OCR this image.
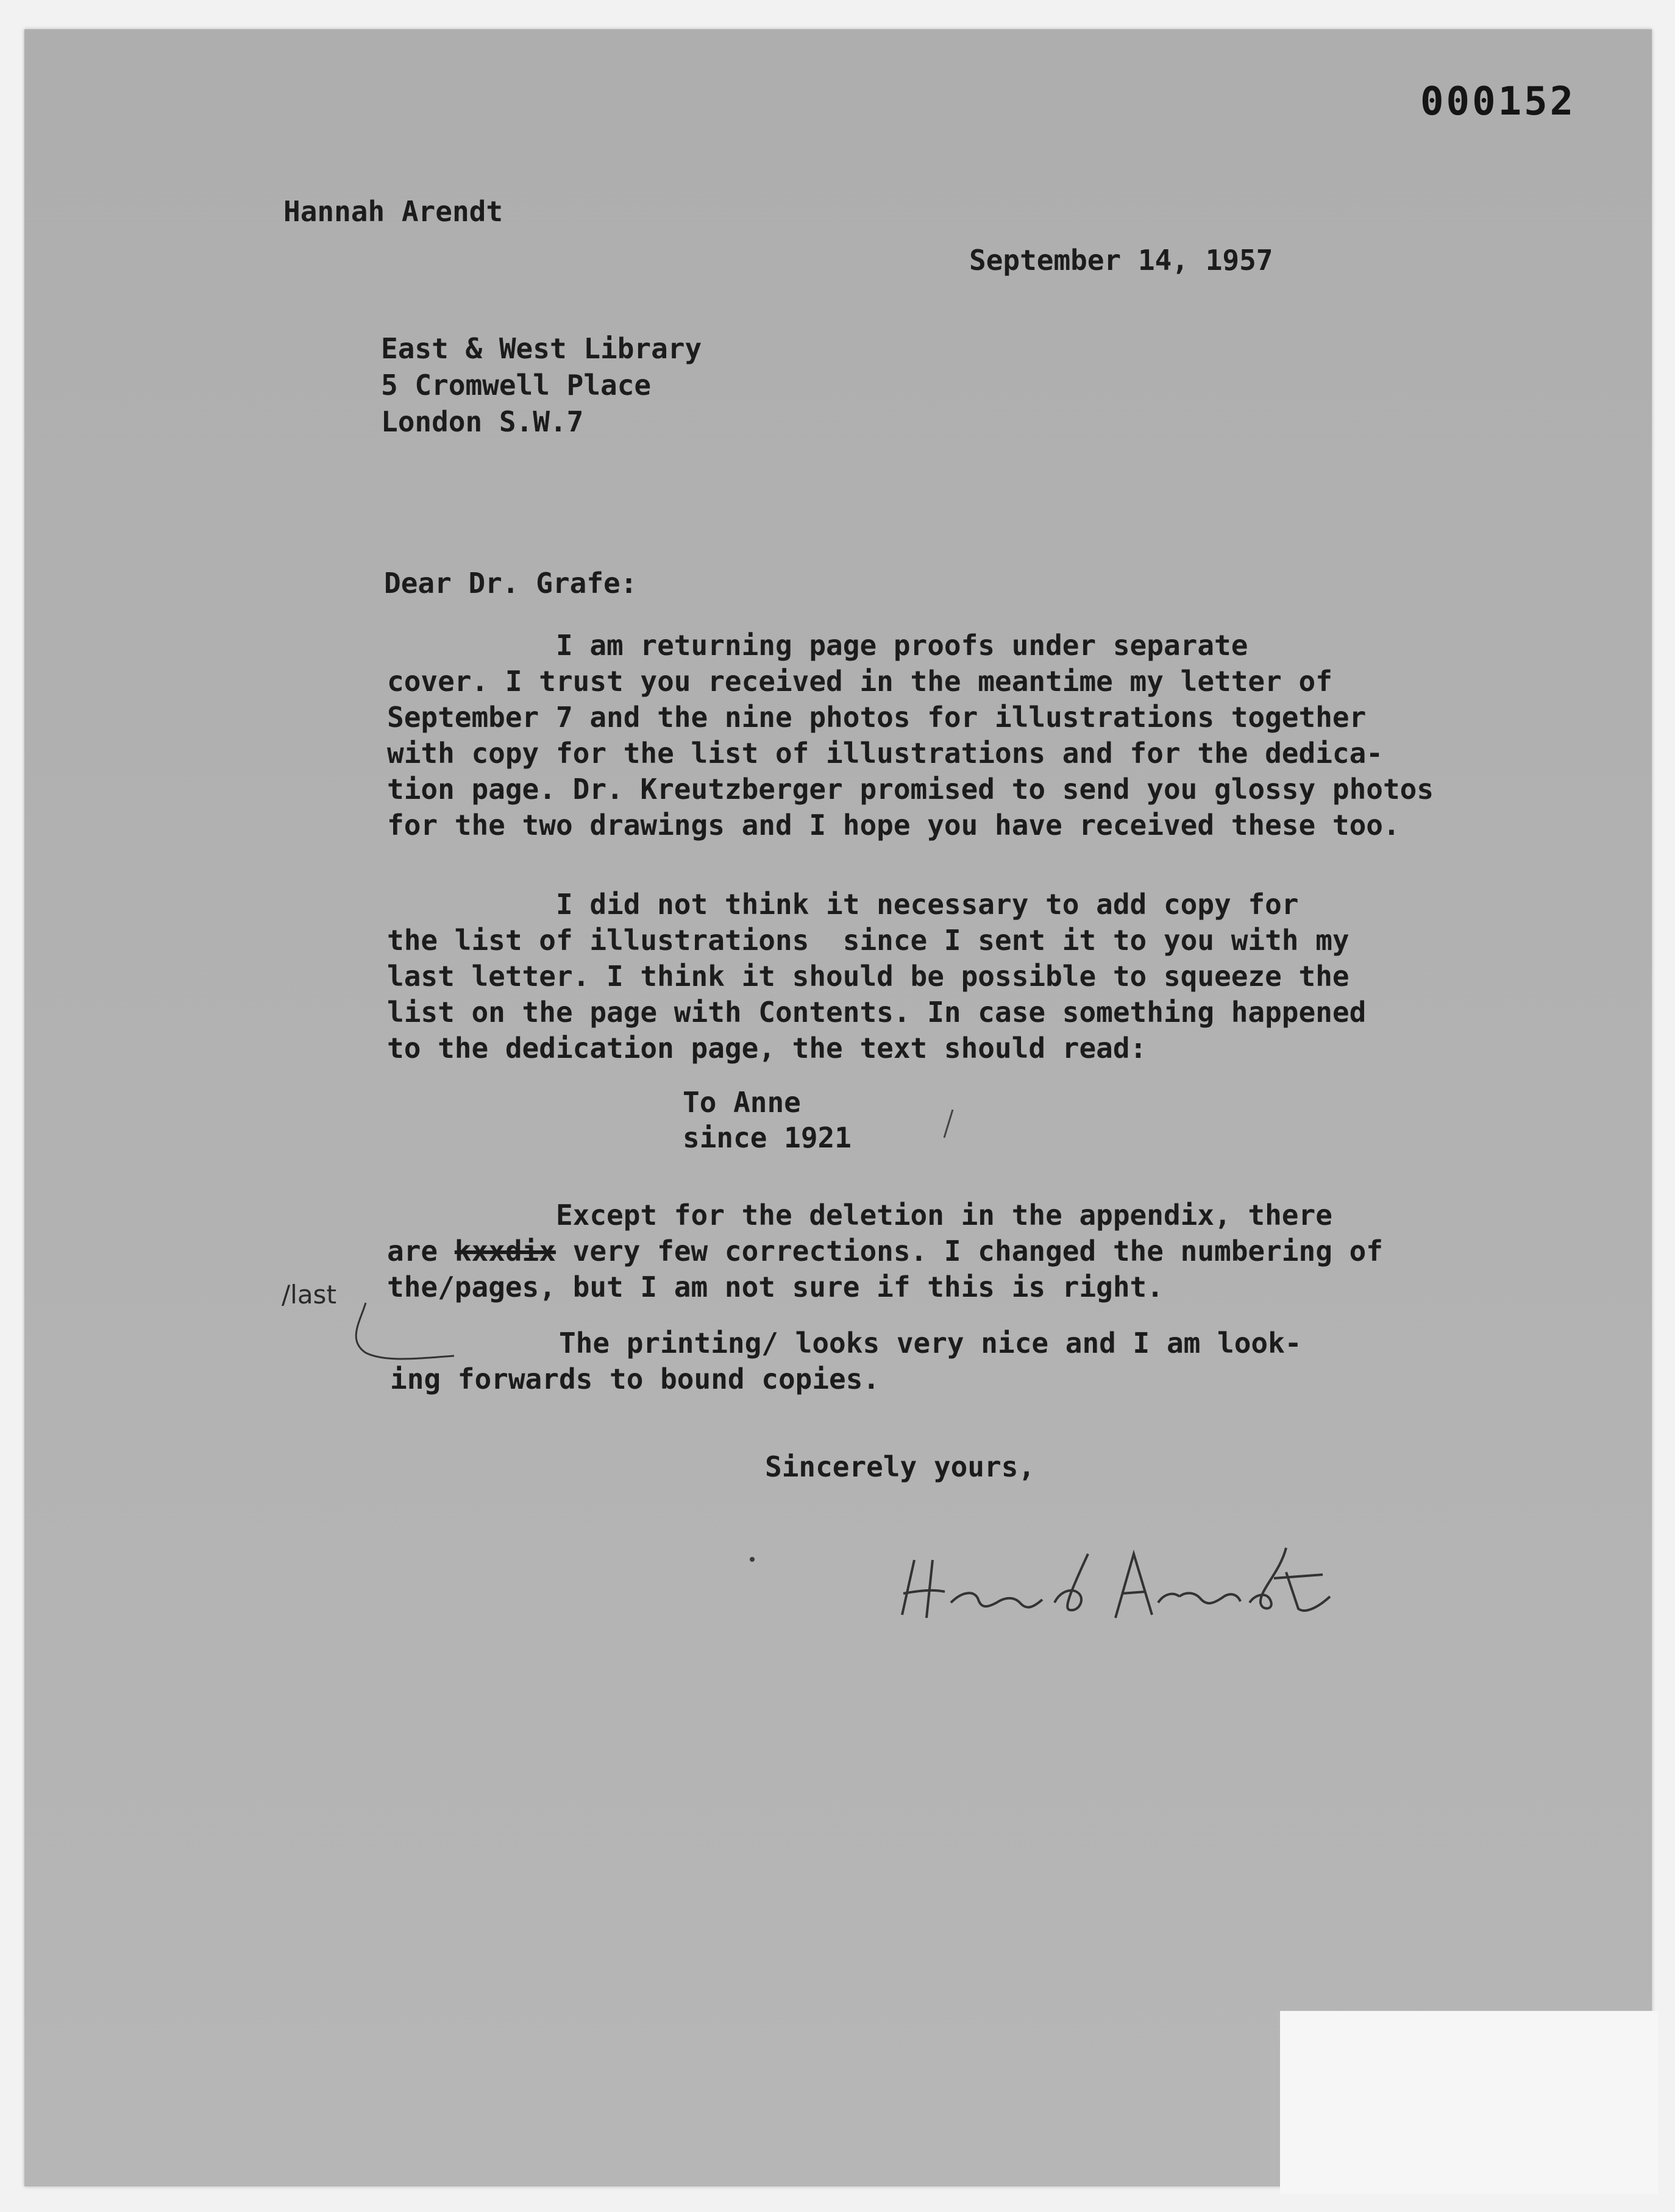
000152
Hannah Arendt
September 14, 1957
East & West Library
5 Cromwell Place
London S.W.7
Dear Dr. Grafe:
I am returning page proofs under separate
cover. I trust you received in the meantime my letter of
September 7 and the nine photos for illustrations together
with copy for the list of illustrations and for the dedica-
tion page. Dr. Kreutzberger promised to send you glossy photos
for the two drawings and I hope you have received these too.
I did not think it necessary to add copy for
the list of illustrations  since I sent it to you with my
last letter. I think it should be possible to squeeze the
list on the page with Contents. In case something happened
to the dedication page, the text should read:
To Anne
since 1921
Except for the deletion in the appendix, there
are kxxdix very few corrections. I changed the numbering of
the/pages, but I am not sure if this is right.
/last
The printing/ looks very nice and I am look-
ing forwards to bound copies.
Sincerely yours,
